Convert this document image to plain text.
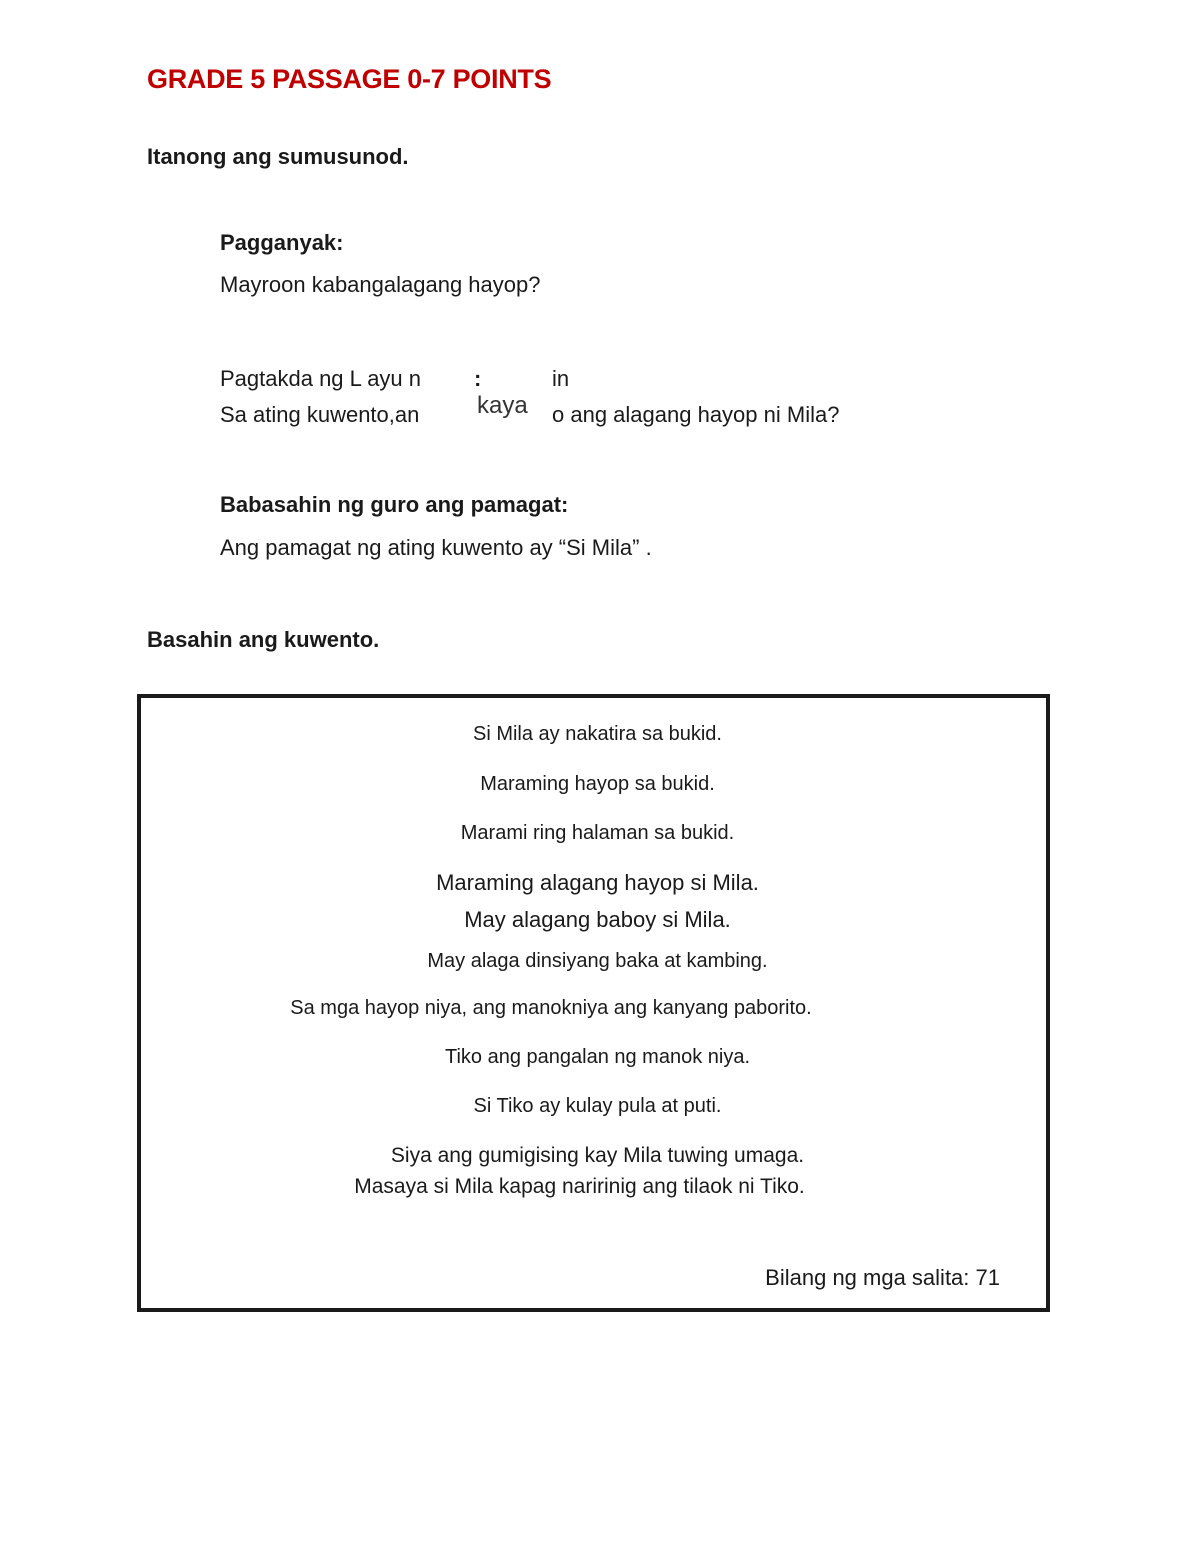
GRADE 5 PASSAGE 0-7 POINTS
Itanong ang sumusunod.
Pagganyak:
Mayroon kabangalagang hayop?
Pagtakda ng L ayu n :	in
Sa ating kuwento,an kaya o ang alagang hayop ni Mila?
Babasahin ng guro ang pamagat:
Ang pamagat ng ating kuwento ay “Si Mila” .
Basahin ang kuwento.
Si Mila ay nakatira sa bukid.
Maraming hayop sa bukid.
Marami ring halaman sa bukid.
Maraming alagang hayop si Mila.
May alagang baboy si Mila.
May alaga dinsiyang baka at kambing.
Sa mga hayop niya, ang manokniya ang kanyang paborito.
Tiko ang pangalan ng manok niya.
Si Tiko ay kulay pula at puti.
Siya ang gumigising kay Mila tuwing umaga.
Masaya si Mila kapag naririnig ang tilaok ni Tiko.
Bilang ng mga salita: 71
